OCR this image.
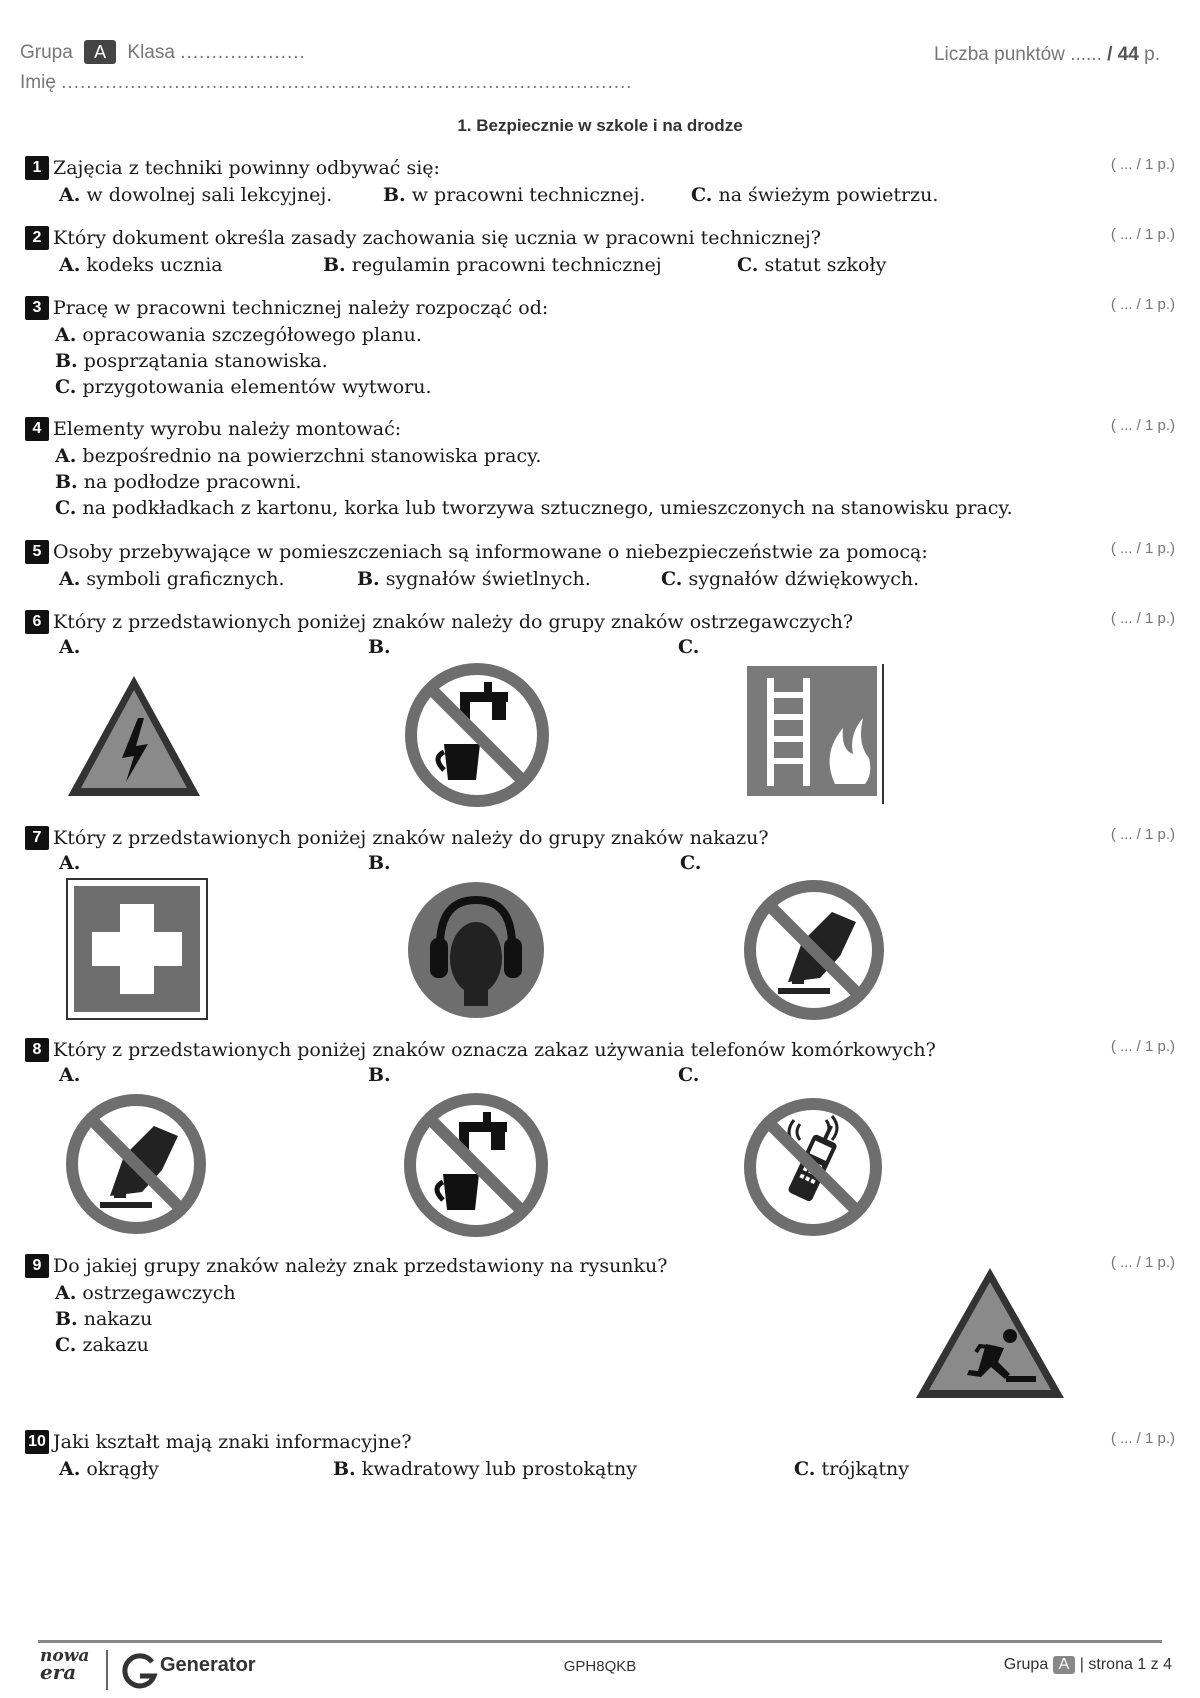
Grupa A Klasa ....................	Liczba punktów ...... / 44 p.
Imię ...........................................................................................
1. Bezpiecznie w szkole i na drodze
1 Zajęcia z techniki powinny odbywać się:	( ... / 1 p.)
A. w dowolnej sali lekcyjnej.	B. w pracowni technicznej. C. na świeżym powietrzu.
2 Który dokument określa zasady zachowania się ucznia w pracowni technicznej?	( ... / 1 p.)
A. kodeks ucznia	B. regulamin pracowni technicznej	C. statut szkoły
3 Pracę w pracowni technicznej należy rozpocząć od:	( ... / 1 p.)
A. opracowania szczegółowego planu.
B. posprzątania stanowiska.
C. przygotowania elementów wytworu.
4 Elementy wyrobu należy montować:	( ... / 1 p.)
A. bezpośrednio na powierzchni stanowiska pracy.
B. na podłodze pracowni.
C. na podkładkach z kartonu, korka lub tworzywa sztucznego, umieszczonych na stanowisku pracy.
5 Osoby przebywające w pomieszczeniach są informowane o niebezpieczeństwie za pomocą:	( ... / 1 p.)
A. symboli graficznych.	B. sygnałów świetlnych.	C. sygnałów dźwiękowych.
6 Który z przedstawionych poniżej znaków należy do grupy znaków ostrzegawczych?	( ... / 1 p.)
A.	B.	C.
7 Który z przedstawionych poniżej znaków należy do grupy znaków nakazu?	( ... / 1 p.)
A.	B.	C.
8 Który z przedstawionych poniżej znaków oznacza zakaz używania telefonów komórkowych?	( ... / 1 p.)
A.	B.	C.
9 Do jakiej grupy znaków należy znak przedstawiony na rysunku?	( ... / 1 p.)
A. ostrzegawczych
B. nakazu
C. zakazu
10 Jaki kształt mają znaki informacyjne?	( ... / 1 p.)
A. okrągły	B. kwadratowy lub prostokątny	C. trójkątny
nowa
era	Generator	GPH8QKB	Grupa A | strona 1 z 4
